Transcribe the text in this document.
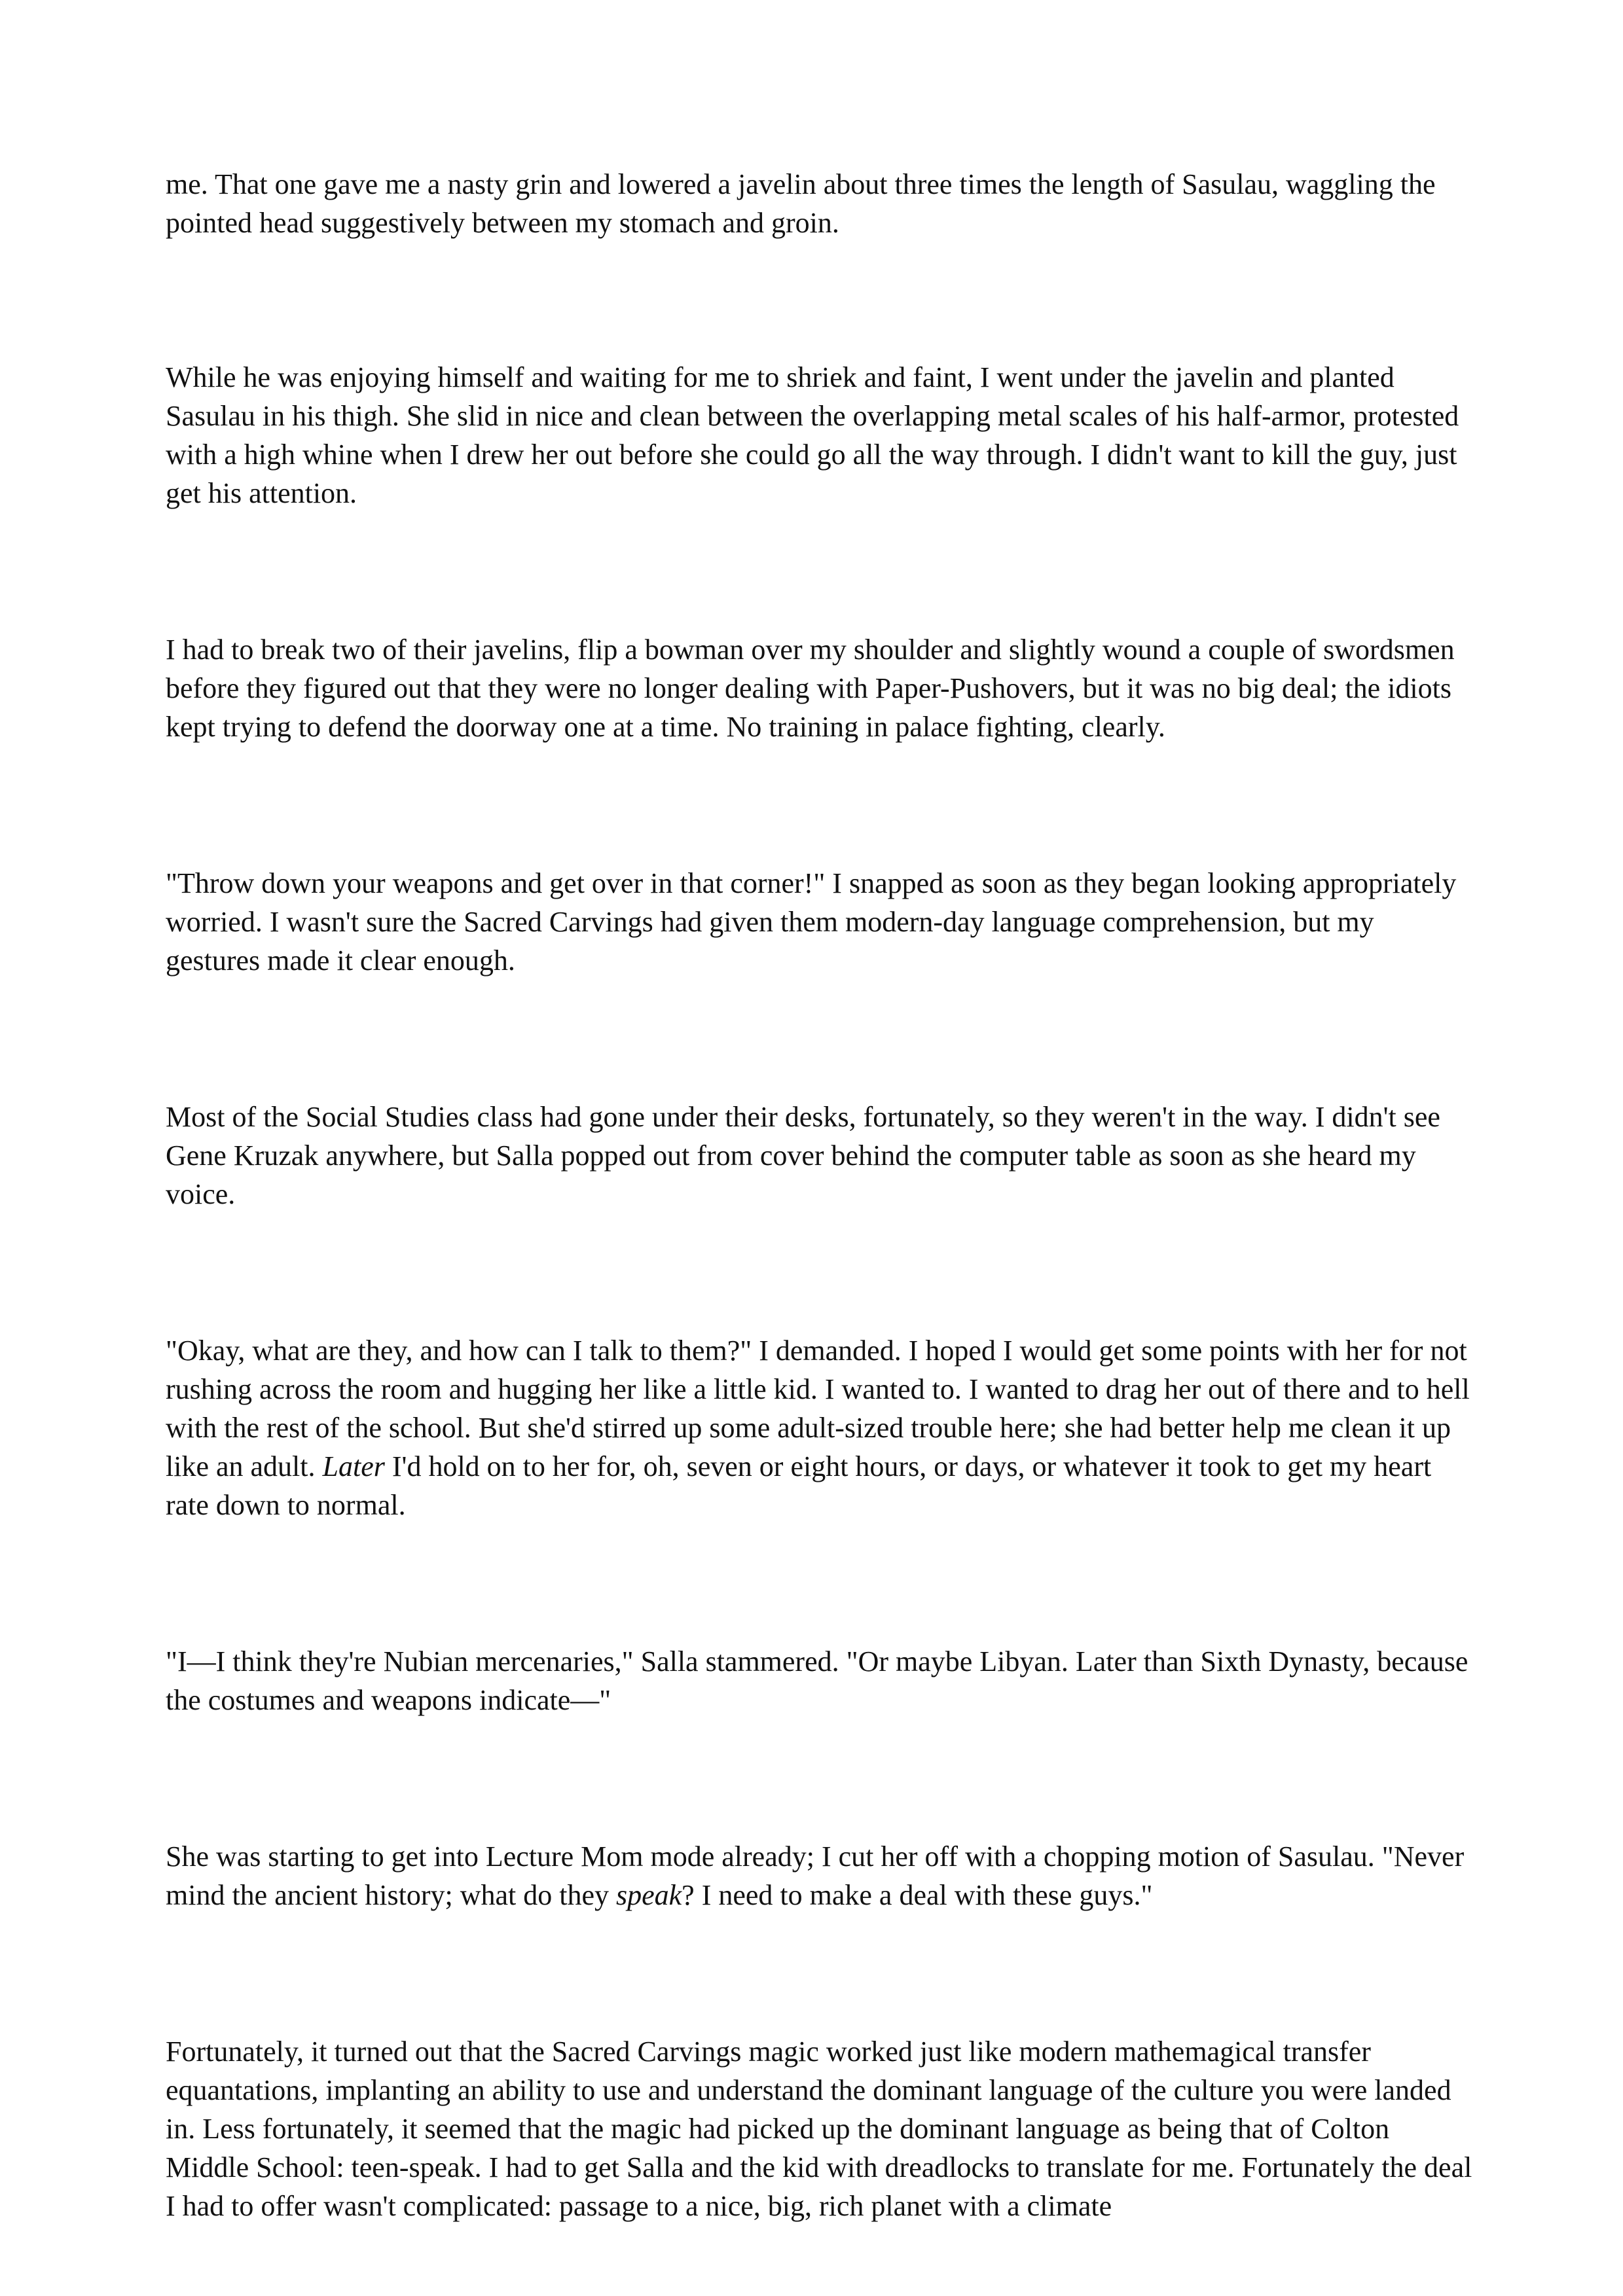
me. That one gave me a nasty grin and lowered a javelin about three times the length of Sasulau, waggling the pointed head suggestively between my stomach and groin.

While he was enjoying himself and waiting for me to shriek and faint, I went under the javelin and planted Sasulau in his thigh. She slid in nice and clean between the overlapping metal scales of his half-armor, protested with a high whine when I drew her out before she could go all the way through. I didn't want to kill the guy, just get his attention.

I had to break two of their javelins, flip a bowman over my shoulder and slightly wound a couple of swordsmen before they figured out that they were no longer dealing with Paper-Pushovers, but it was no big deal; the idiots kept trying to defend the doorway one at a time. No training in palace fighting, clearly.

"Throw down your weapons and get over in that corner!" I snapped as soon as they began looking appropriately worried. I wasn't sure the Sacred Carvings had given them modern-day language comprehension, but my gestures made it clear enough.

Most of the Social Studies class had gone under their desks, fortunately, so they weren't in the way. I didn't see Gene Kruzak anywhere, but Salla popped out from cover behind the computer table as soon as she heard my voice.

"Okay, what are they, and how can I talk to them?" I demanded. I hoped I would get some points with her for not rushing across the room and hugging her like a little kid. I wanted to. I wanted to drag her out of there and to hell with the rest of the school. But she'd stirred up some adult-sized trouble here; she had better help me clean it up like an adult. Later I'd hold on to her for, oh, seven or eight hours, or days, or whatever it took to get my heart rate down to normal.

"I—I think they're Nubian mercenaries," Salla stammered. "Or maybe Libyan. Later than Sixth Dynasty, because the costumes and weapons indicate—"

She was starting to get into Lecture Mom mode already; I cut her off with a chopping motion of Sasulau. "Never mind the ancient history; what do they speak? I need to make a deal with these guys."

Fortunately, it turned out that the Sacred Carvings magic worked just like modern mathemagical transfer equantations, implanting an ability to use and understand the dominant language of the culture you were landed in. Less fortunately, it seemed that the magic had picked up the dominant language as being that of Colton Middle School: teen-speak. I had to get Salla and the kid with dreadlocks to translate for me. Fortunately the deal I had to offer wasn't complicated: passage to a nice, big, rich planet with a climate
